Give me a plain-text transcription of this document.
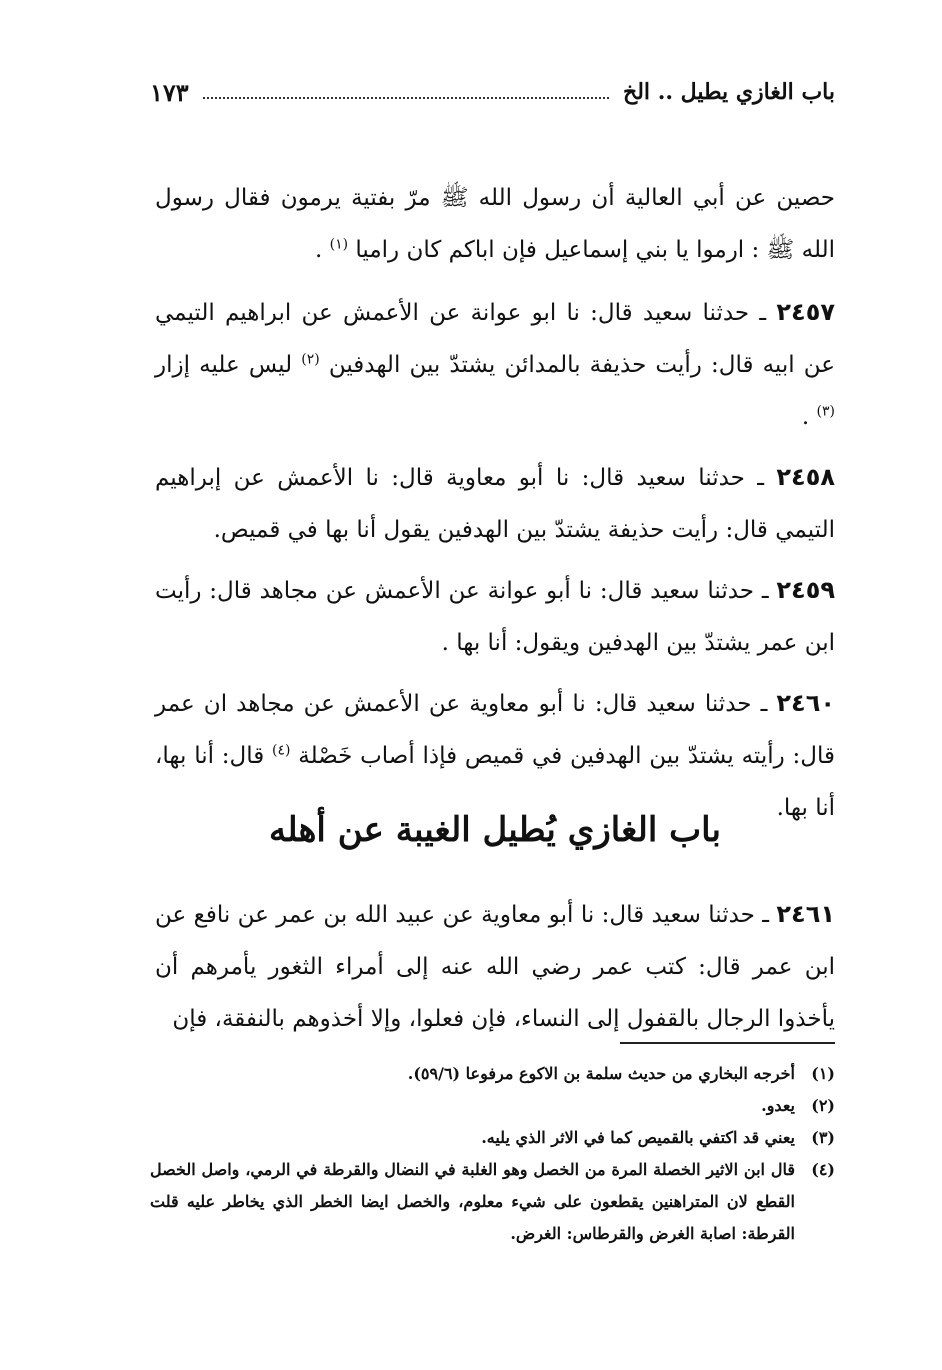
باب الغازي يطيل .. الخ
١٧٣

حصين عن أبي العالية أن رسول الله ﷺ مرّ بفتية يرمون فقال رسول الله ﷺ : ارموا يا بني إسماعيل فإن اباكم كان راميا $^{(١)}$ .

٢٤٥٧ ـ حدثنا سعيد قال: نا ابو عوانة عن الأعمش عن ابراهيم التيمي عن ابيه قال: رأيت حذيفة بالمدائن يشتدّ بين الهدفين $^{(٢)}$ ليس عليه إزار $^{(٣)}$ .

٢٤٥٨ ـ حدثنا سعيد قال: نا أبو معاوية قال: نا الأعمش عن إبراهيم التيمي قال: رأيت حذيفة يشتدّ بين الهدفين يقول أنا بها في قميص.

٢٤٥٩ ـ حدثنا سعيد قال: نا أبو عوانة عن الأعمش عن مجاهد قال: رأيت ابن عمر يشتدّ بين الهدفين ويقول: أنا بها .

٢٤٦٠ ـ حدثنا سعيد قال: نا أبو معاوية عن الأعمش عن مجاهد ان عمر قال: رأيته يشتدّ بين الهدفين في قميص فإذا أصاب خَصْلة $^{(٤)}$ قال: أنا بها، أنا بها.

باب الغازي يُطيل الغيبة عن أهله

٢٤٦١ ـ حدثنا سعيد قال: نا أبو معاوية عن عبيد الله بن عمر عن نافع عن ابن عمر قال: كتب عمر رضي الله عنه إلى أمراء الثغور يأمرهم أن يأخذوا الرجال بالقفول إلى النساء، فإن فعلوا، وإلا أخذوهم بالنفقة، فإن

(١)
أخرجه البخاري من حديث سلمة بن الاكوع مرفوعا (٥٩/٦).
(٢)
يعدو.
(٣)
يعني قد اكتفي بالقميص كما في الاثر الذي يليه.
(٤)
قال ابن الاثير الخصلة المرة من الخصل وهو الغلبة في النضال والقرطة في الرمي، واصل الخصل القطع لان المتراهنين يقطعون على شيء معلوم، والخصل ايضا الخطر الذي يخاطر عليه قلت القرطة: اصابة الغرض والقرطاس: الغرض.
